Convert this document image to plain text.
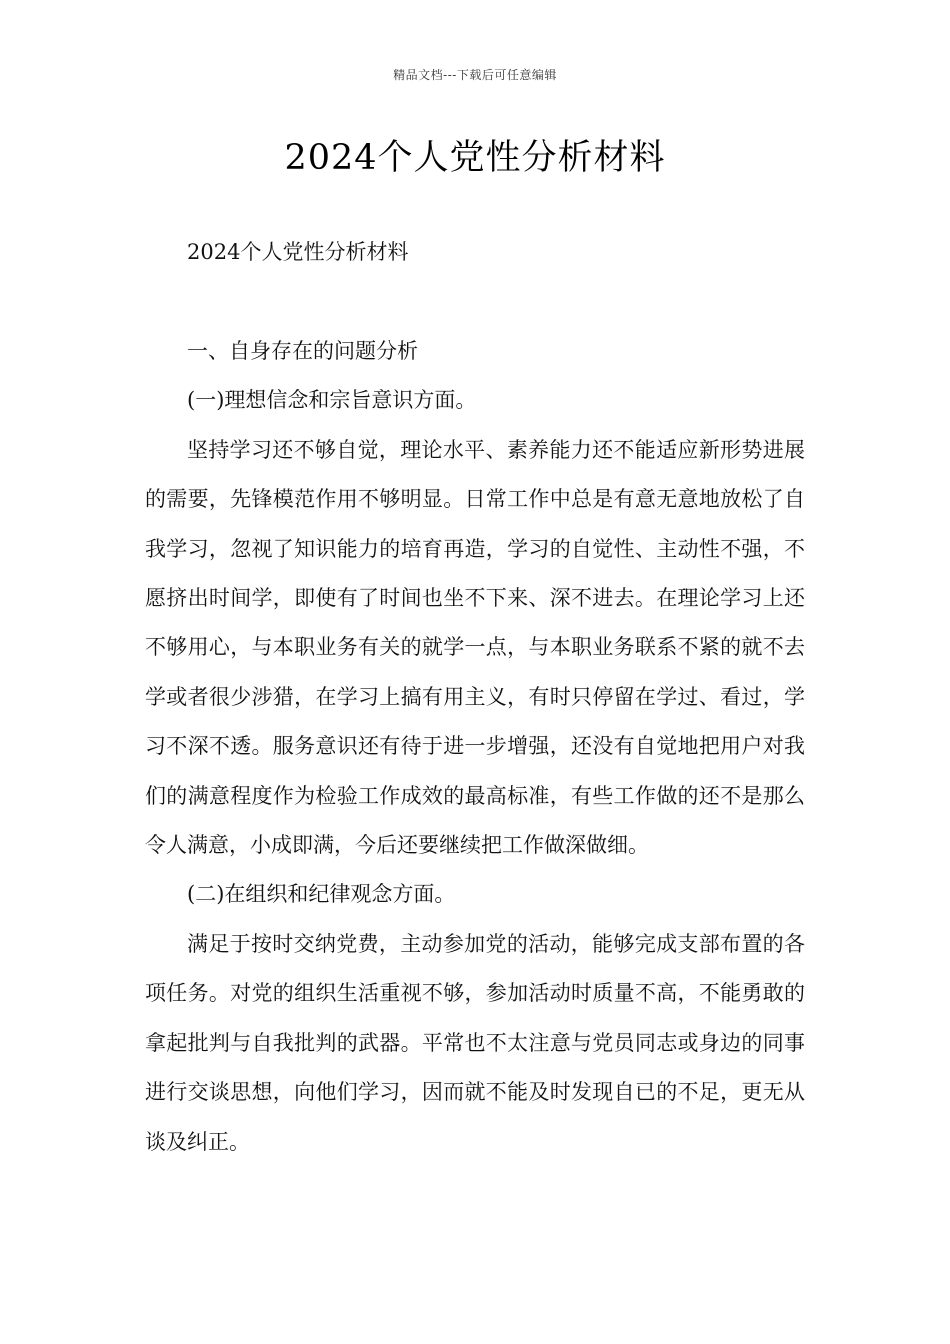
精品文档---下载后可任意编辑
2024个人党性分析材料

2024个人党性分析材料

一、自身存在的问题分析

(一)理想信念和宗旨意识方面。

坚持学习还不够自觉，理论水平、素养能力还不能适应新形势进展的需要，先锋模范作用不够明显。日常工作中总是有意无意地放松了自我学习，忽视了知识能力的培育再造，学习的自觉性、主动性不强，不愿挤出时间学，即使有了时间也坐不下来、深不进去。在理论学习上还不够用心，与本职业务有关的就学一点，与本职业务联系不紧的就不去学或者很少涉猎，在学习上搞有用主义，有时只停留在学过、看过，学习不深不透。服务意识还有待于进一步增强，还没有自觉地把用户对我们的满意程度作为检验工作成效的最高标准，有些工作做的还不是那么令人满意，小成即满，今后还要继续把工作做深做细。

(二)在组织和纪律观念方面。

满足于按时交纳党费，主动参加党的活动，能够完成支部布置的各项任务。对党的组织生活重视不够，参加活动时质量不高，不能勇敢的拿起批判与自我批判的武器。平常也不太注意与党员同志或身边的同事进行交谈思想，向他们学习，因而就不能及时发现自已的不足，更无从谈及纠正。
